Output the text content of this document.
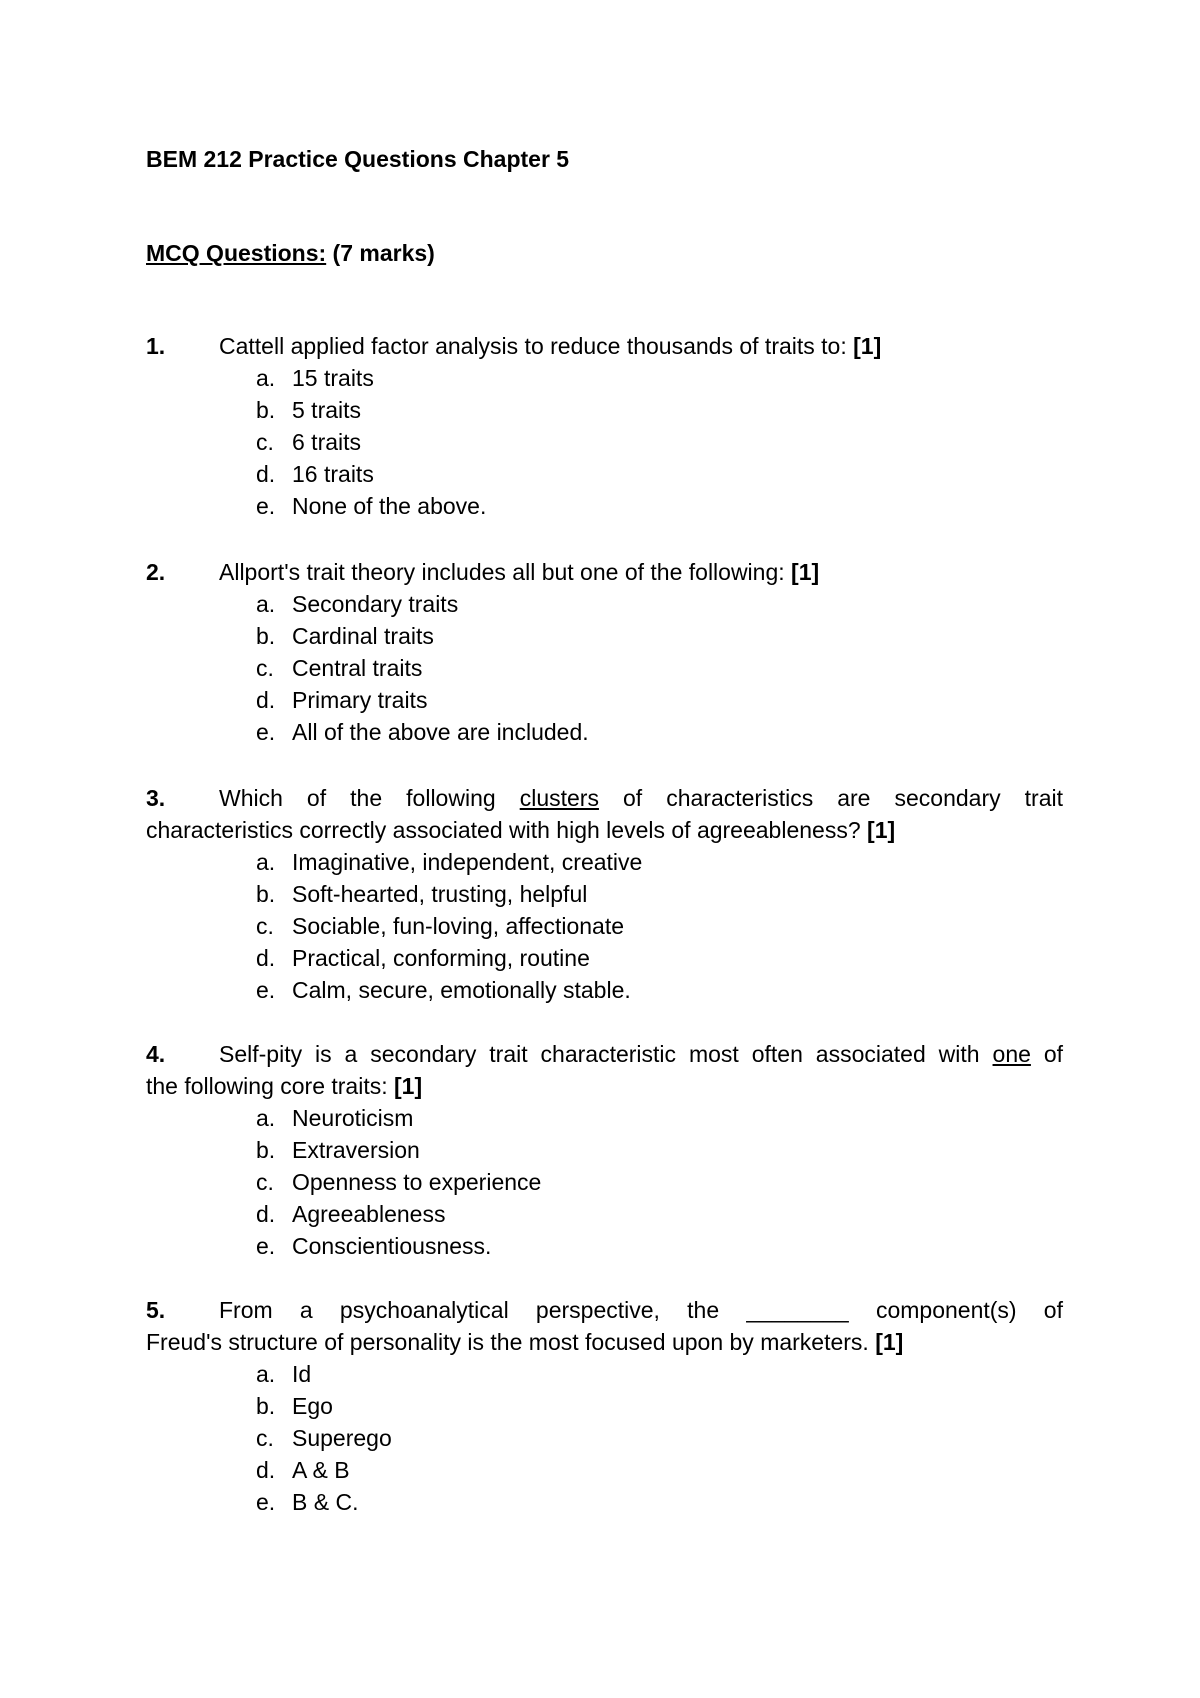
BEM 212 Practice Questions Chapter 5
MCQ Questions: (7 marks)
1. Cattell applied factor analysis to reduce thousands of traits to: [1]
a. 15 traits
b. 5 traits
c. 6 traits
d. 16 traits
e. None of the above.
2. Allport's trait theory includes all but one of the following: [1]
a. Secondary traits
b. Cardinal traits
c. Central traits
d. Primary traits
e. All of the above are included.
3. Which of the following clusters of characteristics are secondary trait
characteristics correctly associated with high levels of agreeableness? [1]
a. Imaginative, independent, creative
b. Soft-hearted, trusting, helpful
c. Sociable, fun-loving, affectionate
d. Practical, conforming, routine
e. Calm, secure, emotionally stable.
4. Self-pity is a secondary trait characteristic most often associated with one of
the following core traits: [1]
a. Neuroticism
b. Extraversion
c. Openness to experience
d. Agreeableness
e. Conscientiousness.
5. From a psychoanalytical perspective, the ________ component(s) of
Freud's structure of personality is the most focused upon by marketers. [1]
a. Id
b. Ego
c. Superego
d. A & B
e. B & C.
